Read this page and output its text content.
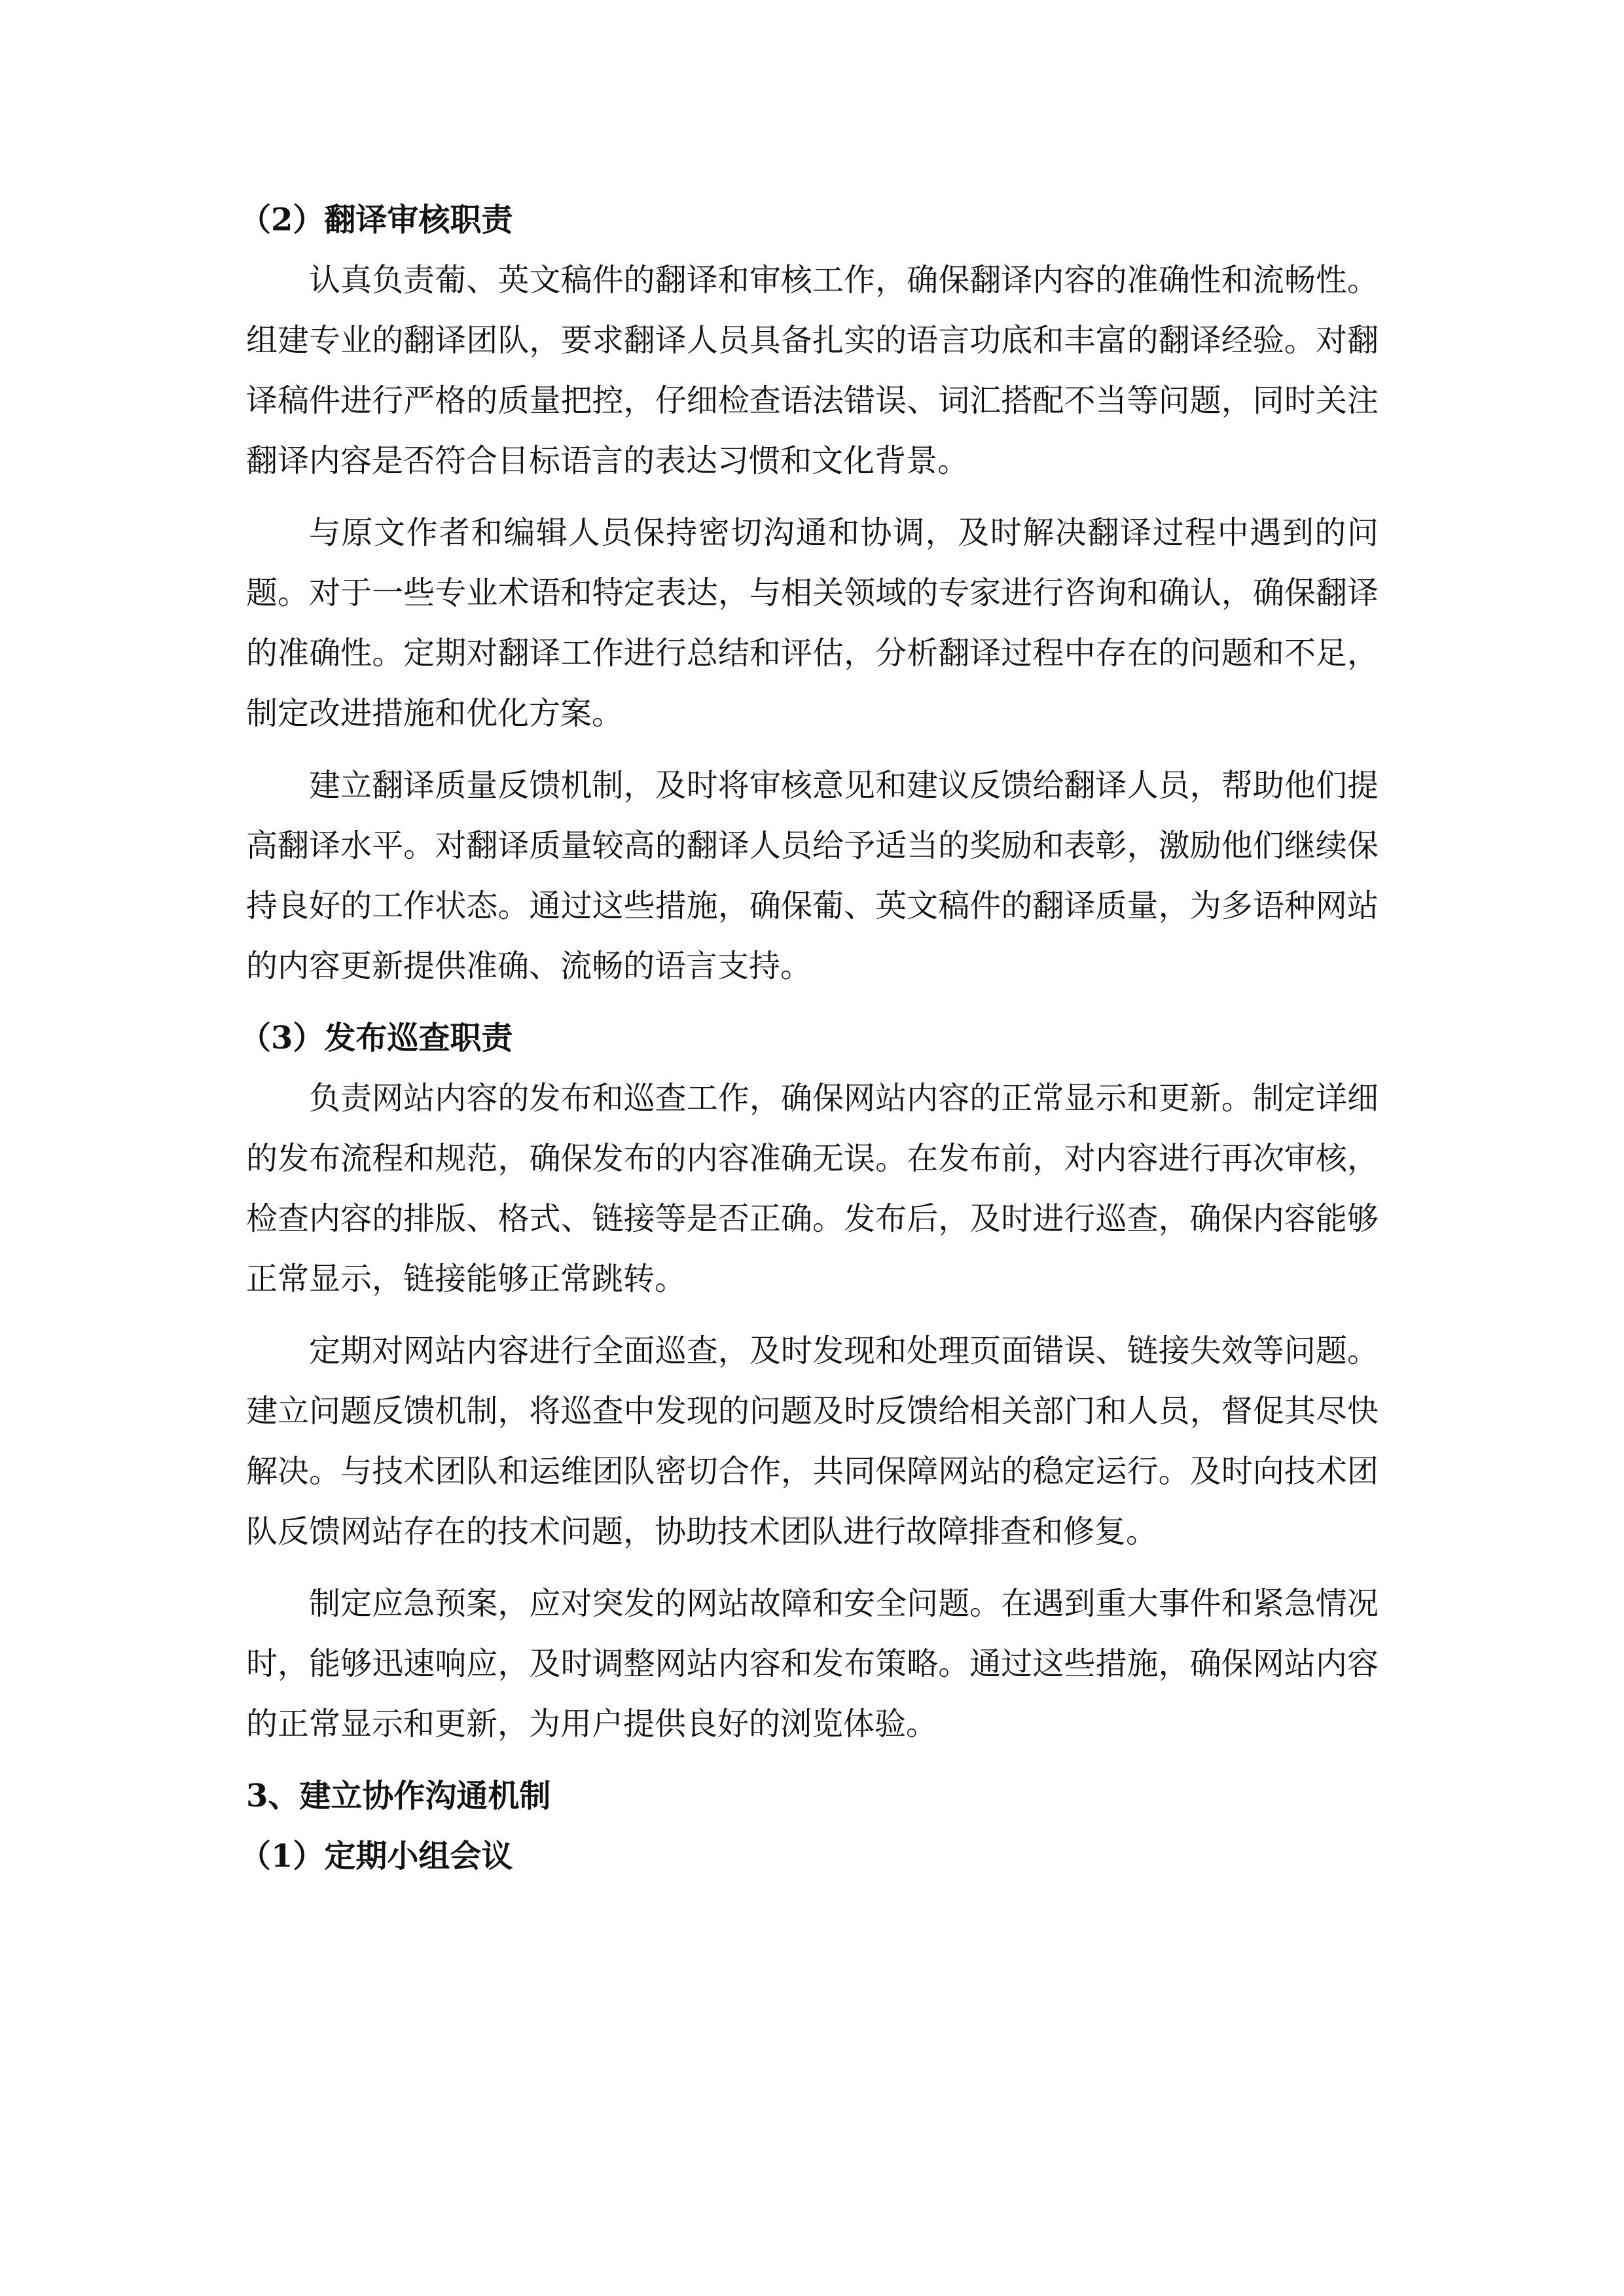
（2）翻译审核职责

认真负责葡、英文稿件的翻译和审核工作，确保翻译内容的准确性和流畅性。组建专业的翻译团队，要求翻译人员具备扎实的语言功底和丰富的翻译经验。对翻译稿件进行严格的质量把控，仔细检查语法错误、词汇搭配不当等问题，同时关注翻译内容是否符合目标语言的表达习惯和文化背景。

与原文作者和编辑人员保持密切沟通和协调，及时解决翻译过程中遇到的问题。对于一些专业术语和特定表达，与相关领域的专家进行咨询和确认，确保翻译的准确性。定期对翻译工作进行总结和评估，分析翻译过程中存在的问题和不足，制定改进措施和优化方案。

建立翻译质量反馈机制，及时将审核意见和建议反馈给翻译人员，帮助他们提高翻译水平。对翻译质量较高的翻译人员给予适当的奖励和表彰，激励他们继续保持良好的工作状态。通过这些措施，确保葡、英文稿件的翻译质量，为多语种网站的内容更新提供准确、流畅的语言支持。

（3）发布巡查职责

负责网站内容的发布和巡查工作，确保网站内容的正常显示和更新。制定详细的发布流程和规范，确保发布的内容准确无误。在发布前，对内容进行再次审核，检查内容的排版、格式、链接等是否正确。发布后，及时进行巡查，确保内容能够正常显示，链接能够正常跳转。

定期对网站内容进行全面巡查，及时发现和处理页面错误、链接失效等问题。建立问题反馈机制，将巡查中发现的问题及时反馈给相关部门和人员，督促其尽快解决。与技术团队和运维团队密切合作，共同保障网站的稳定运行。及时向技术团队反馈网站存在的技术问题，协助技术团队进行故障排查和修复。

制定应急预案，应对突发的网站故障和安全问题。在遇到重大事件和紧急情况时，能够迅速响应，及时调整网站内容和发布策略。通过这些措施，确保网站内容的正常显示和更新，为用户提供良好的浏览体验。

3、建立协作沟通机制
（1）定期小组会议
